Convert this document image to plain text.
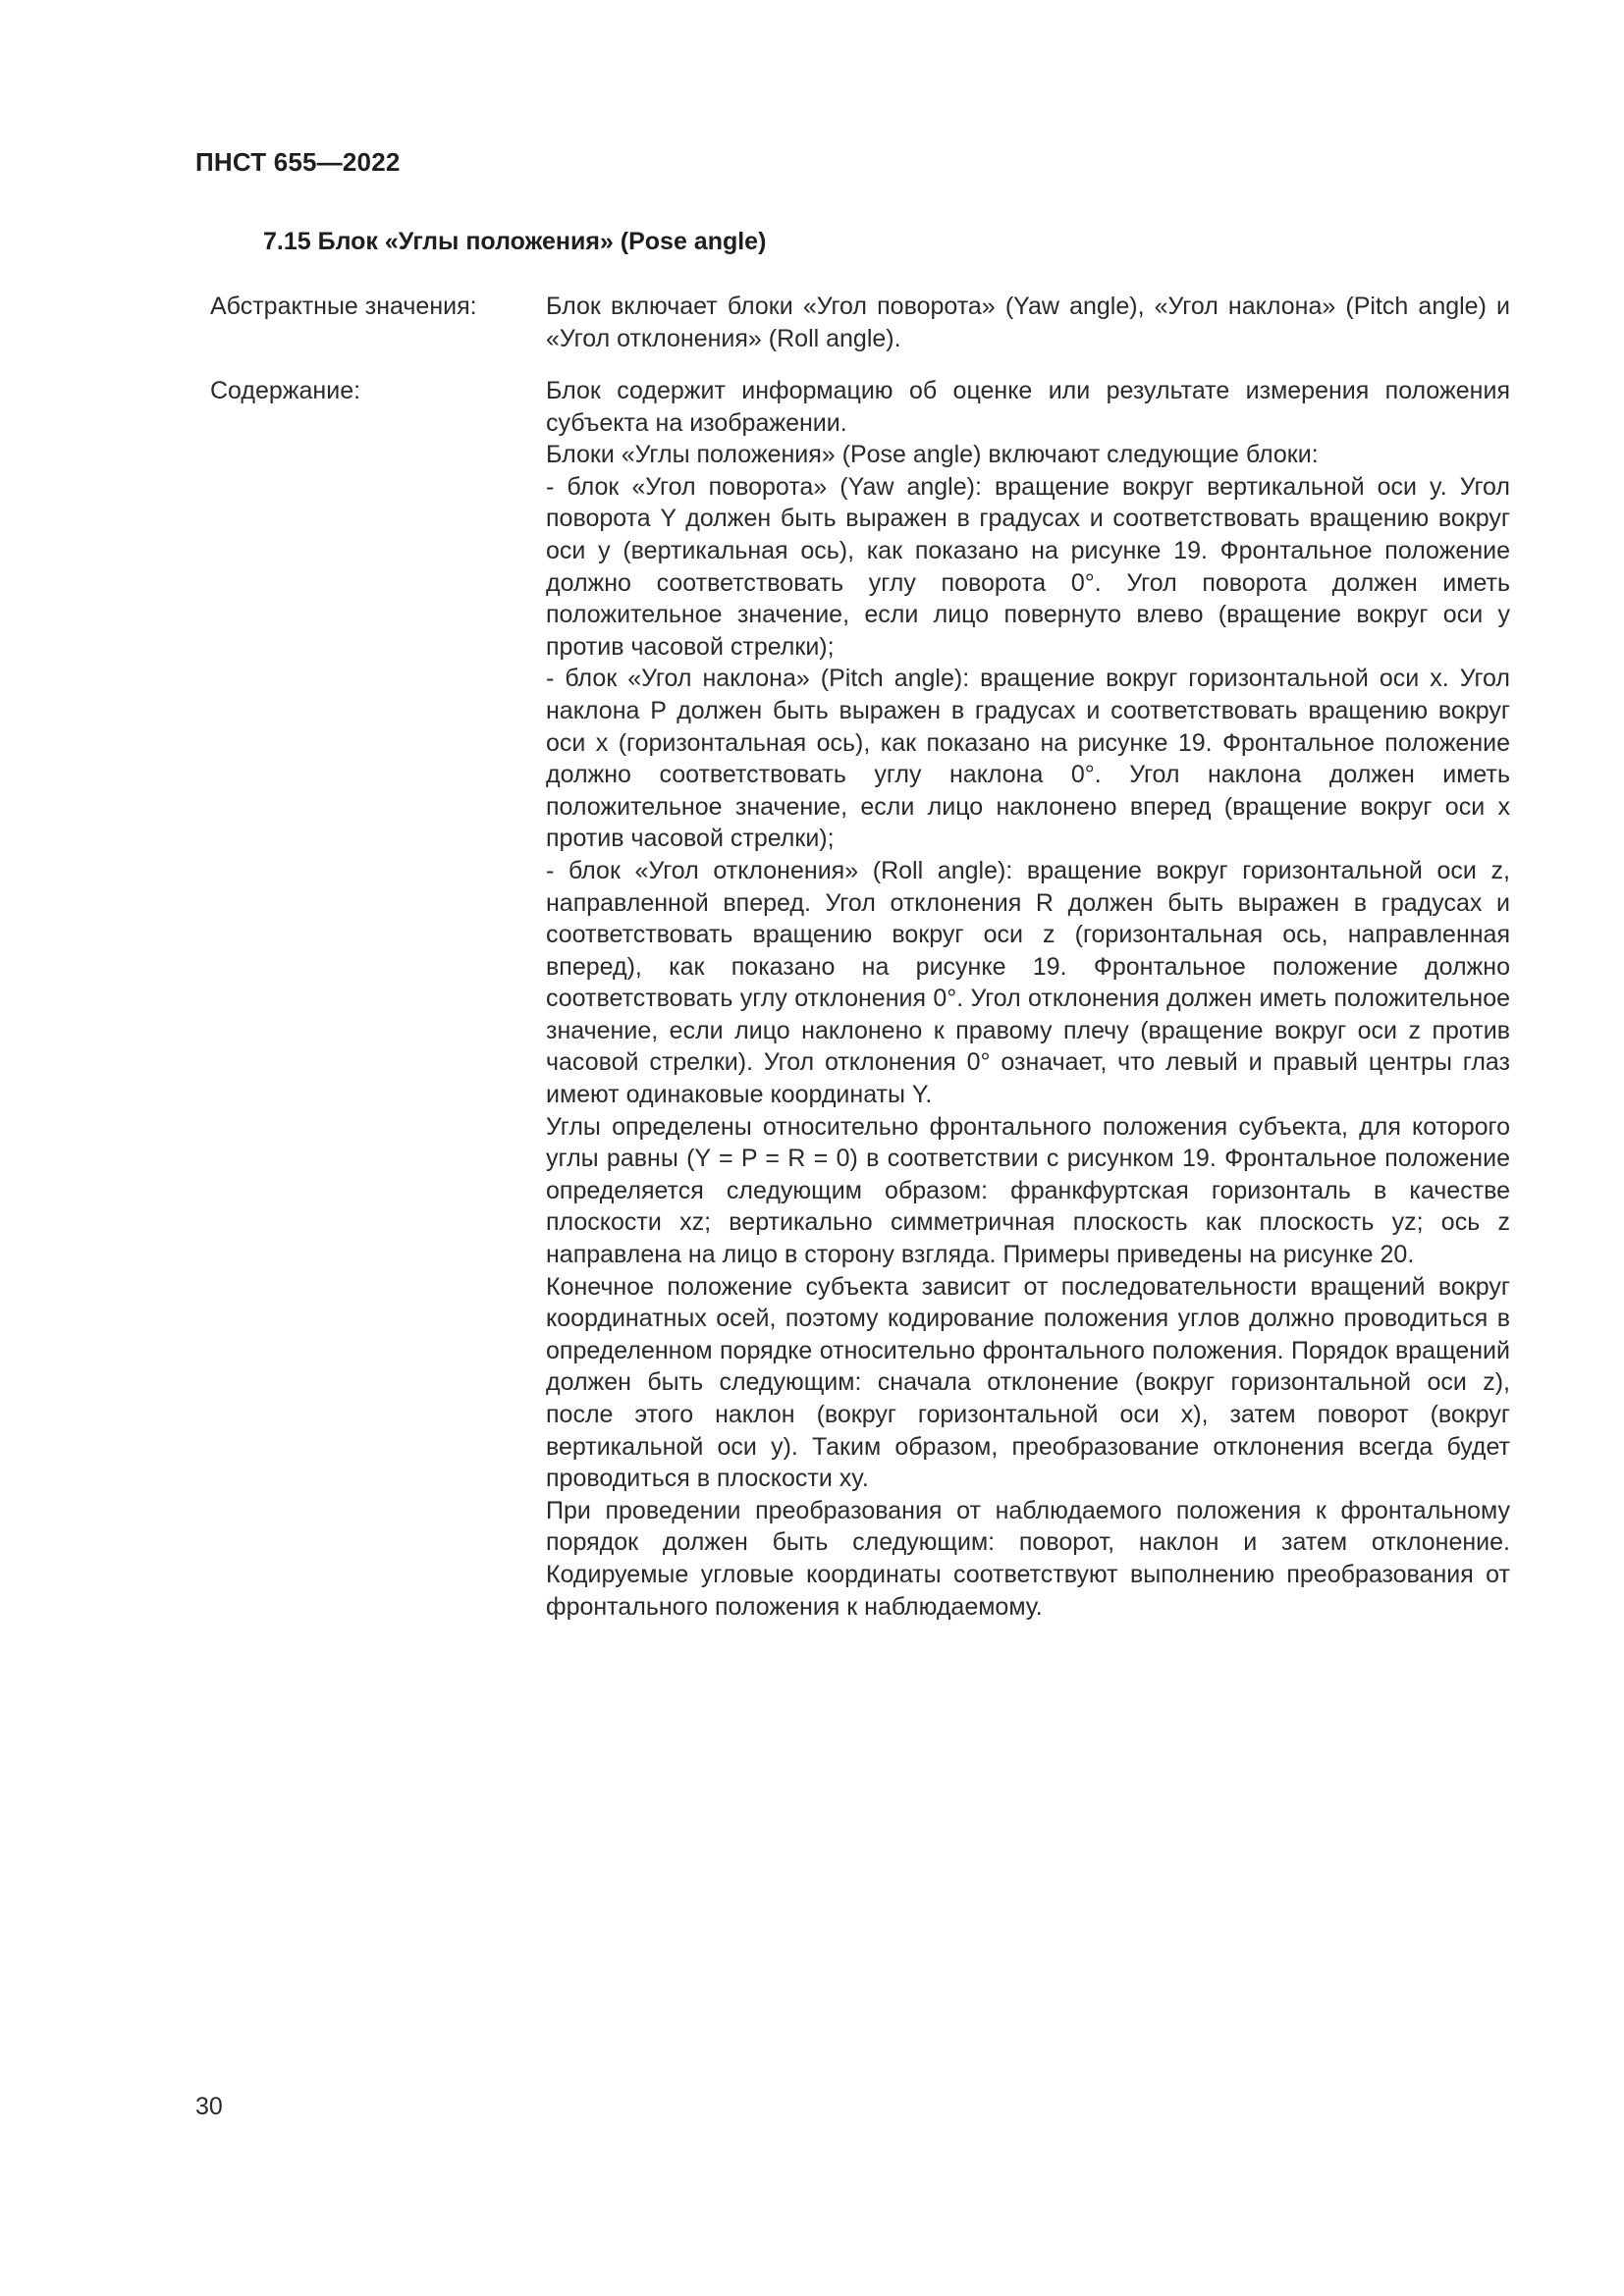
ПНСТ 655—2022
7.15 Блок «Углы положения» (Pose angle)
Абстрактные значения:	Блок включает блоки «Угол поворота» (Yaw angle), «Угол наклона» (Pitch angle) и «Угол отклонения» (Roll angle).

Содержание:	Блок содержит информацию об оценке или результате измерения положения субъекта на изображении.

Блоки «Углы положения» (Pose angle) включают следующие блоки:

- блок «Угол поворота» (Yaw angle): вращение вокруг вертикальной оси y. Угол поворота Y должен быть выражен в градусах и соответствовать вращению вокруг оси y (вертикальная ось), как показано на рисунке 19. Фронтальное положение должно соответствовать углу поворота 0°. Угол поворота должен иметь положительное значение, если лицо повернуто влево (вращение вокруг оси y против часовой стрелки);

- блок «Угол наклона» (Pitch angle): вращение вокруг горизонтальной оси x. Угол наклона P должен быть выражен в градусах и соответствовать вращению вокруг оси x (горизонтальная ось), как показано на рисунке 19. Фронтальное положение должно соответствовать углу наклона 0°. Угол наклона должен иметь положительное значение, если лицо наклонено вперед (вращение вокруг оси x против часовой стрелки);

- блок «Угол отклонения» (Roll angle): вращение вокруг горизонтальной оси z, направленной вперед. Угол отклонения R должен быть выражен в градусах и соответствовать вращению вокруг оси z (горизонтальная ось, направленная вперед), как показано на рисунке 19. Фронтальное положение должно соответствовать углу отклонения 0°. Угол отклонения должен иметь положительное значение, если лицо наклонено к правому плечу (вращение вокруг оси z против часовой стрелки). Угол отклонения 0° означает, что левый и правый центры глаз имеют одинаковые координаты Y.

Углы определены относительно фронтального положения субъекта, для которого углы равны (Y = P = R = 0) в соответствии с рисунком 19. Фронтальное положение определяется следующим образом: франкфуртская горизонталь в качестве плоскости xz; вертикально симметричная плоскость как плоскость yz; ось z направлена на лицо в сторону взгляда. Примеры приведены на рисунке 20.

Конечное положение субъекта зависит от последовательности вращений вокруг координатных осей, поэтому кодирование положения углов должно проводиться в определенном порядке относительно фронтального положения. Порядок вращений должен быть следующим: сначала отклонение (вокруг горизонтальной оси z), после этого наклон (вокруг горизонтальной оси x), затем поворот (вокруг вертикальной оси y). Таким образом, преобразование отклонения всегда будет проводиться в плоскости xy.

При проведении преобразования от наблюдаемого положения к фронтальному порядок должен быть следующим: поворот, наклон и затем отклонение. Кодируемые угловые координаты соответствуют выполнению преобразования от фронтального положения к наблюдаемому.

30
